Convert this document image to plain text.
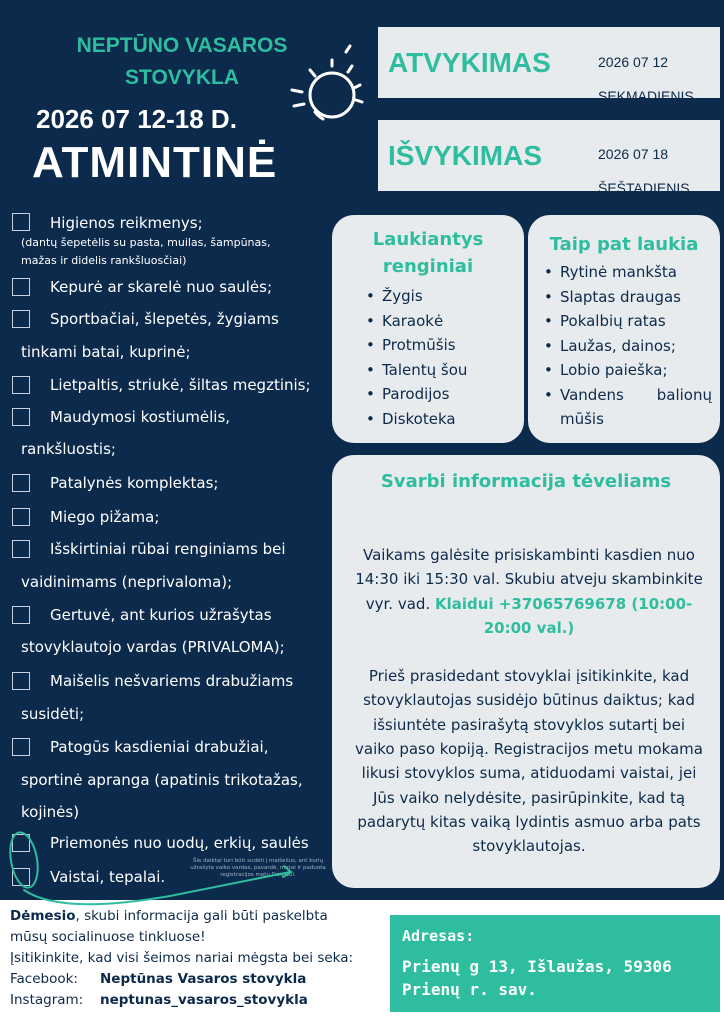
NEPTŪNO VASAROS
STOVYKLA
2026 07 12-18 D.
ATMINTINĖ
ATVYKIMAS	2026 07 12

SEKMADIENIS

IŠVYKIMAS	2026 07 18

ŠEŠTADIENIS

Higienos reikmenys;
(dantų šepetėlis su pasta, muilas, šampūnas,
mažas ir didelis rankšluosčiai)
Kepurė ar skarelė nuo saulės;
Sportbačiai, šlepetės, žygiams
tinkami batai, kuprinė;
Lietpaltis, striukė, šiltas megztinis;
Maudymosi kostiumėlis,
rankšluostis;
Patalynės komplektas;
Miego pižama;
Išskirtiniai rūbai renginiams bei
vaidinimams (neprivaloma);
Gertuvė, ant kurios užrašytas
stovyklautojo vardas (PRIVALOMA);
Maišelis nešvariems drabužiams
susidėti;
Patogūs kasdieniai drabužiai,
sportinė apranga (apatinis trikotažas,
kojinės)
Priemonės nuo uodų, erkių, saulės
Vaistai, tepalai.
Šie daiktai turi būti sudėti į maišelius, ant kurių užrašyta vaiko vardas, pavardė, metai ir paduota registracijos metu Deividui.
Laukiantys
renginiai
• Žygis
• Karaokė
• Protmūšis
• Talentų šou
• Parodijos
• Diskoteka
Taip pat laukia
• Rytinė mankšta
• Slaptas draugas
• Pokalbių ratas
• Laužas, dainos;
• Lobio paieška;
• Vandens balionų mūšis
Svarbi informacija tėveliams

Vaikams galėsite prisiskambinti kasdien nuo 14:30 iki 15:30 val. Skubiu atveju skambinkite vyr. vad. Klaidui +37065769678 (10:00-20:00 val.)

Prieš prasidedant stovyklai įsitikinkite, kad stovyklautojas susidėjo būtinus daiktus; kad išsiuntėte pasirašytą stovyklos sutartį bei vaiko paso kopiją. Registracijos metu mokama likusi stovyklos suma, atiduodami vaistai, jei Jūs vaiko nelydėsite, pasirūpinkite, kad tą padarytų kitas vaiką lydintis asmuo arba pats stovyklautojas.

Dėmesio, skubi informacija gali būti paskelbta
mūsų socialinuose tinkluose!
Įsitikinkite, kad visi šeimos nariai mėgsta bei seka:
Facebook: Neptūnas Vasaros stovykla
Instagram: neptunas_vasaros_stovykla
Adresas:
Prienų g 13, Išlaužas, 59306
Prienų r. sav.
